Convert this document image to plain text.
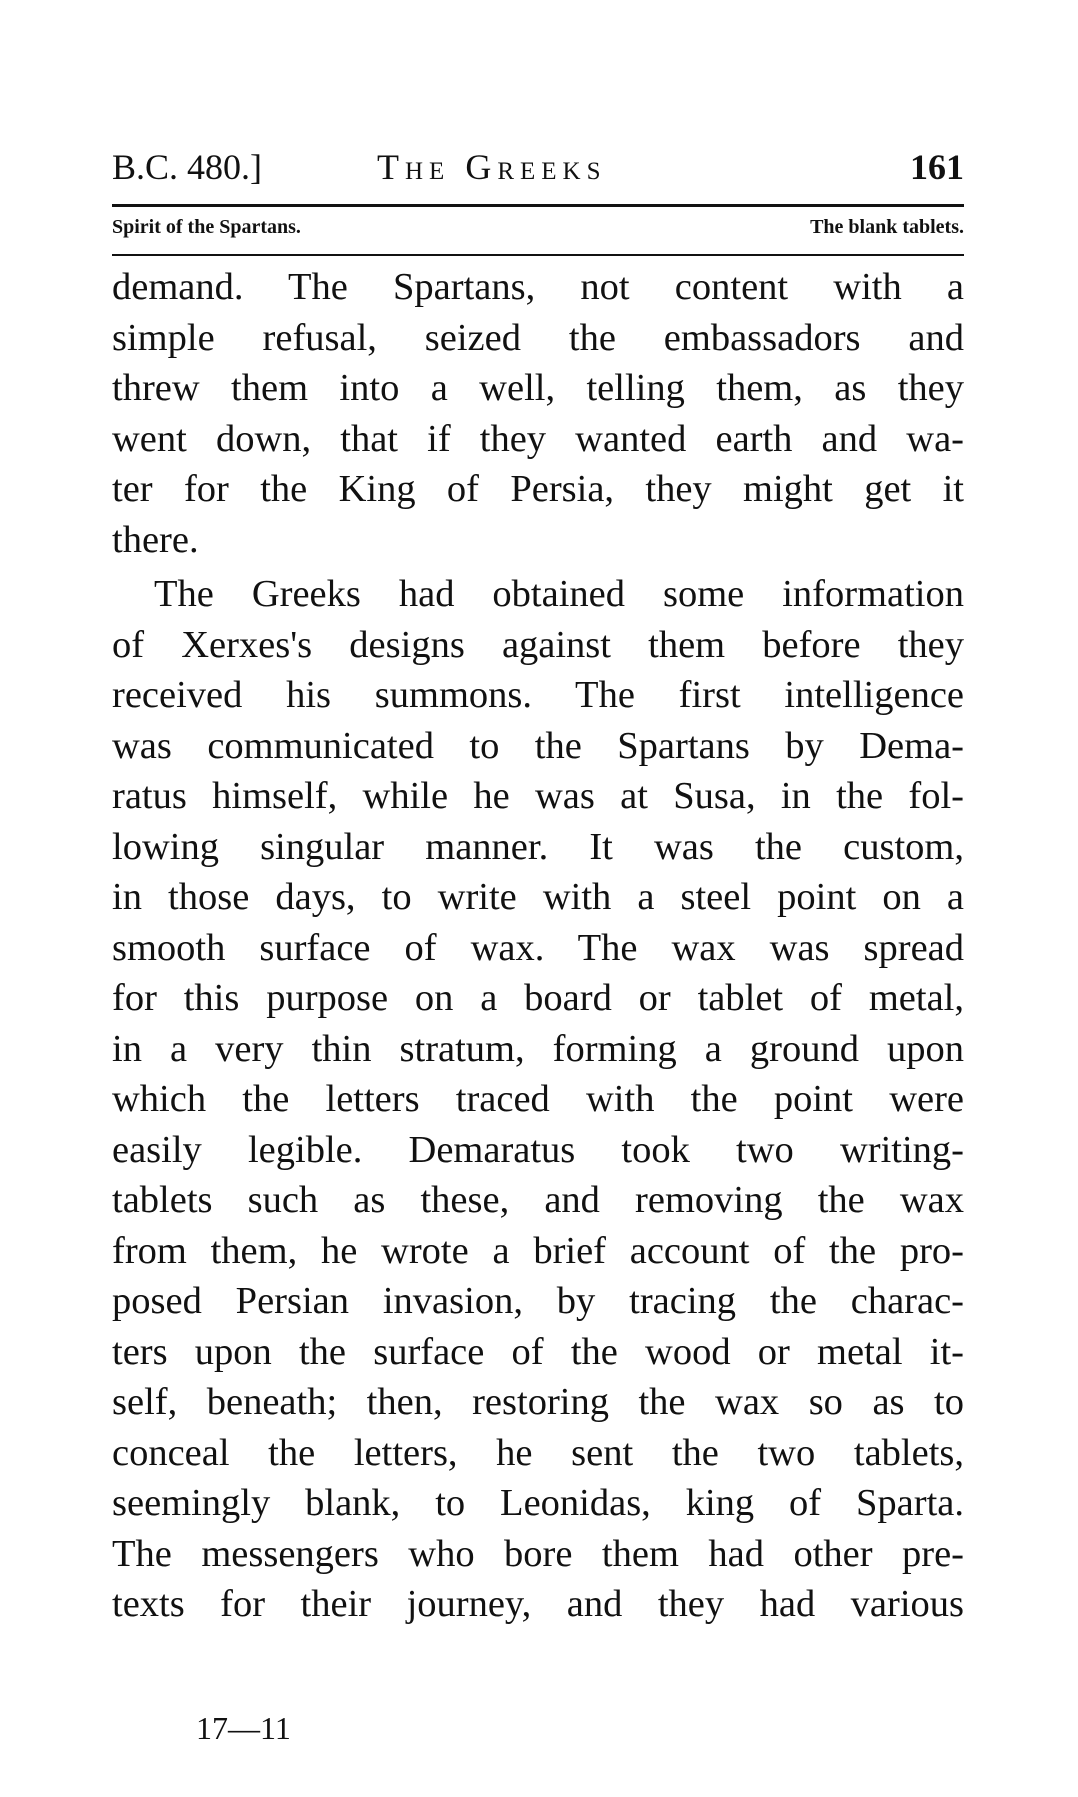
B.C. 480.]	The Greeks	161
Spirit of the Spartans.	The blank tablets.
demand. The Spartans, not content with a
simple refusal, seized the embassadors and
threw them into a well, telling them, as they
went down, that if they wanted earth and wa-
ter for the King of Persia, they might get it
there.
The Greeks had obtained some information
of Xerxes's designs against them before they
received his summons. The first intelligence
was communicated to the Spartans by Dema-
ratus himself, while he was at Susa, in the fol-
lowing singular manner. It was the custom,
in those days, to write with a steel point on a
smooth surface of wax. The wax was spread
for this purpose on a board or tablet of metal,
in a very thin stratum, forming a ground upon
which the letters traced with the point were
easily legible. Demaratus took two writing-
tablets such as these, and removing the wax
from them, he wrote a brief account of the pro-
posed Persian invasion, by tracing the charac-
ters upon the surface of the wood or metal it-
self, beneath; then, restoring the wax so as to
conceal the letters, he sent the two tablets,
seemingly blank, to Leonidas, king of Sparta.
The messengers who bore them had other pre-
texts for their journey, and they had various
17—11
